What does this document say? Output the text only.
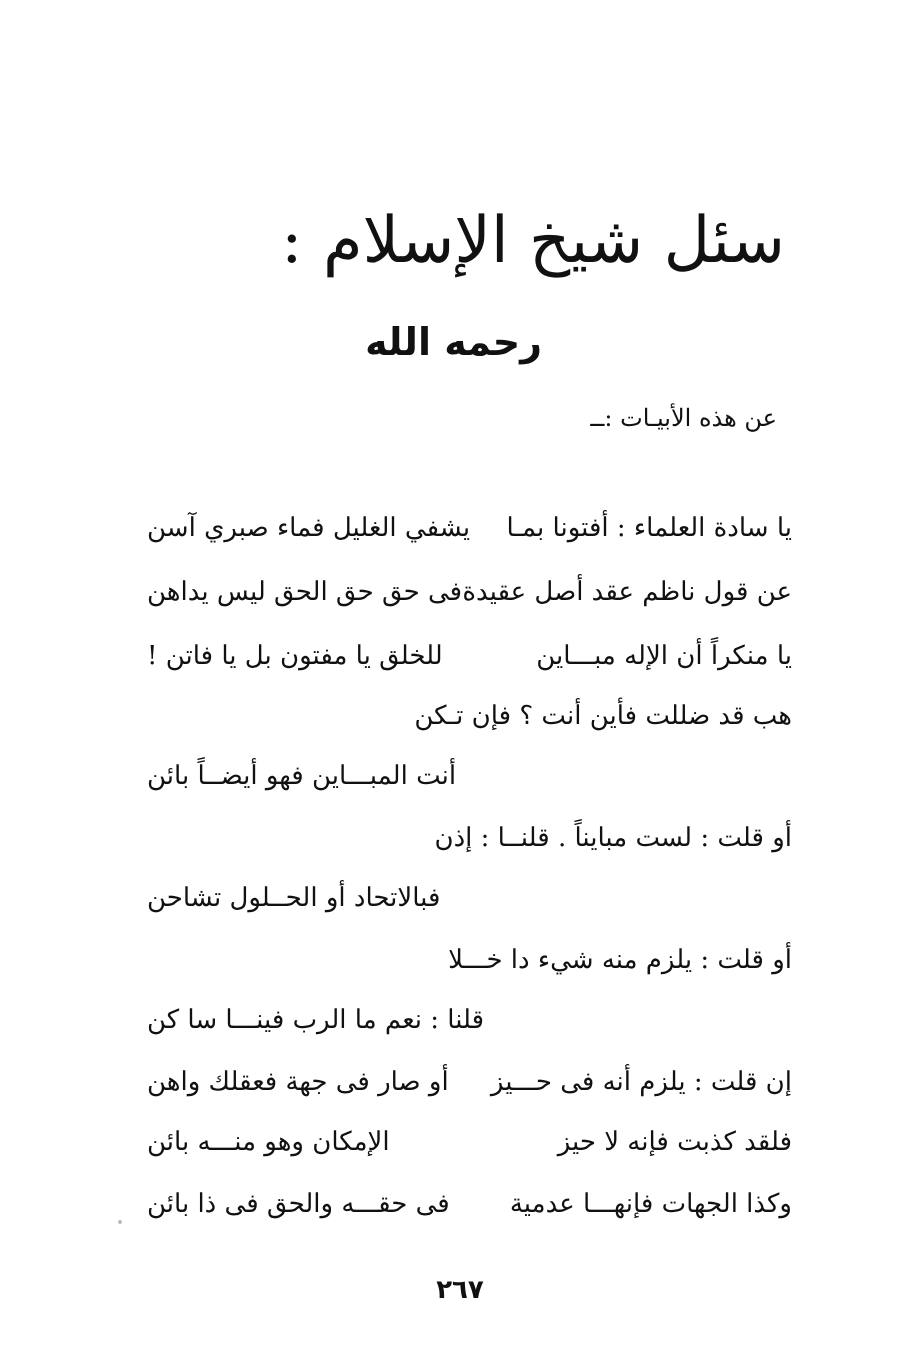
سئل شيخ الإسلام :
رحمه الله
عن هذه الأبيـات :ــ
يا سادة العلماء : أفتونا بمـا
يشفي الغليل فماء صبري آسن
عن قول ناظم عقد أصل عقيدة
فى حق حق الحق ليس يداهن
يا منكراً أن الإله مبـــاين
للخلق يا مفتون بل يا فاتن !
هب قد ضللت فأين أنت ؟ فإن تـكن
أنت المبـــاين فهو أيضــاً بائن
أو قلت : لست مبايناً . قلنــا : إذن
فبالاتحاد أو الحــلول تشاحن
أو قلت : يلزم منه شيء دا خـــلا
قلنا : نعم ما الرب فينـــا سا كن
إن قلت : يلزم أنه فى حـــيز
أو صار فى جهة فعقلك واهن
فلقد كذبت فإنه لا حيز
الإمكان وهو منـــه بائن
وكذا الجهات فإنهـــا عدمية
فى حقـــه والحق فى ذا بائن
٢٦٧
